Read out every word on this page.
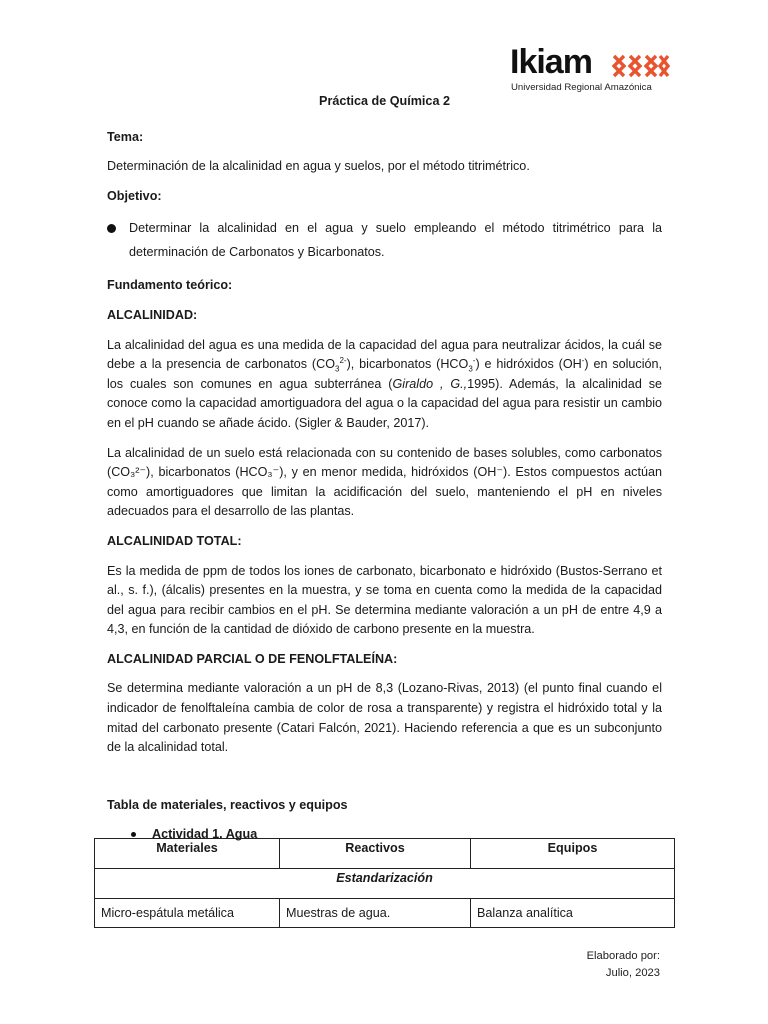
Ikiam
Universidad Regional Amazónica
Práctica de Química 2
Tema:

Determinación de la alcalinidad en agua y suelos, por el método titrimétrico.

Objetivo:
Determinar la alcalinidad en el agua y suelo empleando el método titrimétrico para la determinación de Carbonatos y Bicarbonatos.
Fundamento teórico:
ALCALINIDAD:

La alcalinidad del agua es una medida de la capacidad del agua para neutralizar ácidos, la cuál se debe a la presencia de carbonatos $(CO_3^{2-})$, bicarbonatos $(HCO_3^-)$ e hidróxidos (OH-) en solución, los cuales son comunes en agua subterránea (Giraldo , G.,1995). Además, la alcalinidad se conoce como la capacidad amortiguadora del agua o la capacidad del agua para resistir un cambio en el pH cuando se añade ácido. (Sigler & Bauder, 2017).

La alcalinidad de un suelo está relacionada con su contenido de bases solubles, como carbonatos (CO₃²⁻), bicarbonatos (HCO₃⁻), y en menor medida, hidróxidos (OH⁻). Estos compuestos actúan como amortiguadores que limitan la acidificación del suelo, manteniendo el pH en niveles adecuados para el desarrollo de las plantas.

ALCALINIDAD TOTAL:

Es la medida de ppm de todos los iones de carbonato, bicarbonato e hidróxido (Bustos-Serrano et al., s. f.), (álcalis) presentes en la muestra, y se toma en cuenta como la medida de la capacidad del agua para recibir cambios en el pH. Se determina mediante valoración a un pH de entre 4,9 a 4,3, en función de la cantidad de dióxido de carbono presente en la muestra.

ALCALINIDAD PARCIAL O DE FENOLFTALEÍNA:

Se determina mediante valoración a un pH de 8,3 (Lozano-Rivas, 2013) (el punto final cuando el indicador de fenolftaleína cambia de color de rosa a transparente) y registra el hidróxido total y la mitad del carbonato presente (Catari Falcón, 2021). Haciendo referencia a que es un subconjunto de la alcalinidad total.

Tabla de materiales, reactivos y equipos
Actividad 1. Agua
Materiales	Reactivos	Equipos
Estandarización		
Micro-espátula metálica	Muestras de agua.	Balanza analítica
Elaborado por:
Julio, 2023
